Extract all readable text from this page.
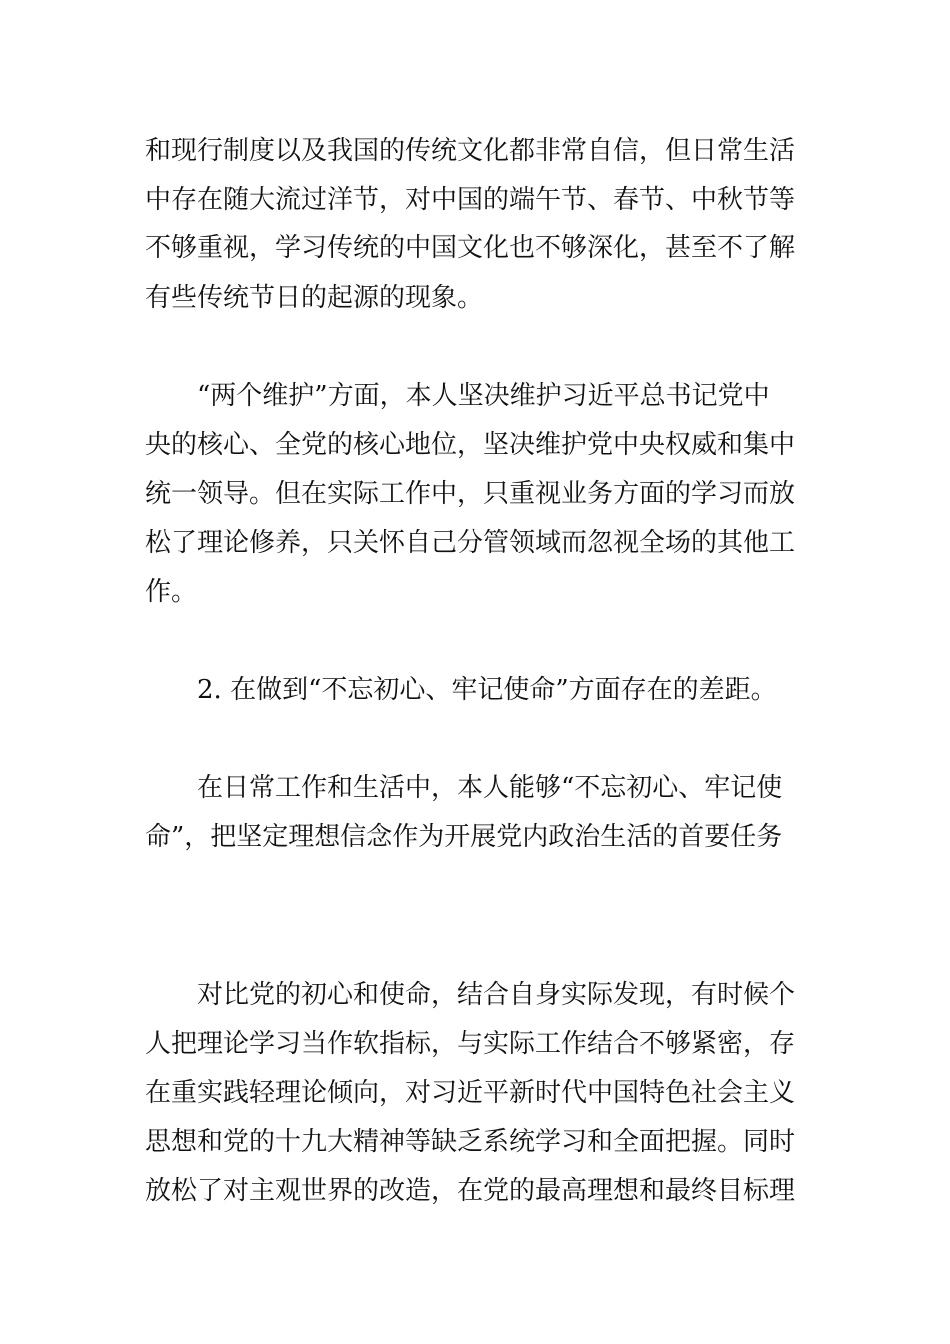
和现行制度以及我国的传统文化都非常自信，但日常生活

中存在随大流过洋节，对中国的端午节、春节、中秋节等

不够重视，学习传统的中国文化也不够深化，甚至不了解

有些传统节日的起源的现象。

“两个维护”方面，本人坚决维护习近平总书记党中

央的核心、全党的核心地位，坚决维护党中央权威和集中

统一领导。但在实际工作中，只重视业务方面的学习而放

松了理论修养，只关怀自己分管领域而忽视全场的其他工

作。

2. 在做到“不忘初心、牢记使命”方面存在的差距。

在日常工作和生活中，本人能够“不忘初心、牢记使

命”，把坚定理想信念作为开展党内政治生活的首要任务

对比党的初心和使命，结合自身实际发现，有时候个

人把理论学习当作软指标，与实际工作结合不够紧密，存

在重实践轻理论倾向，对习近平新时代中国特色社会主义

思想和党的十九大精神等缺乏系统学习和全面把握。同时

放松了对主观世界的改造，在党的最高理想和最终目标理
